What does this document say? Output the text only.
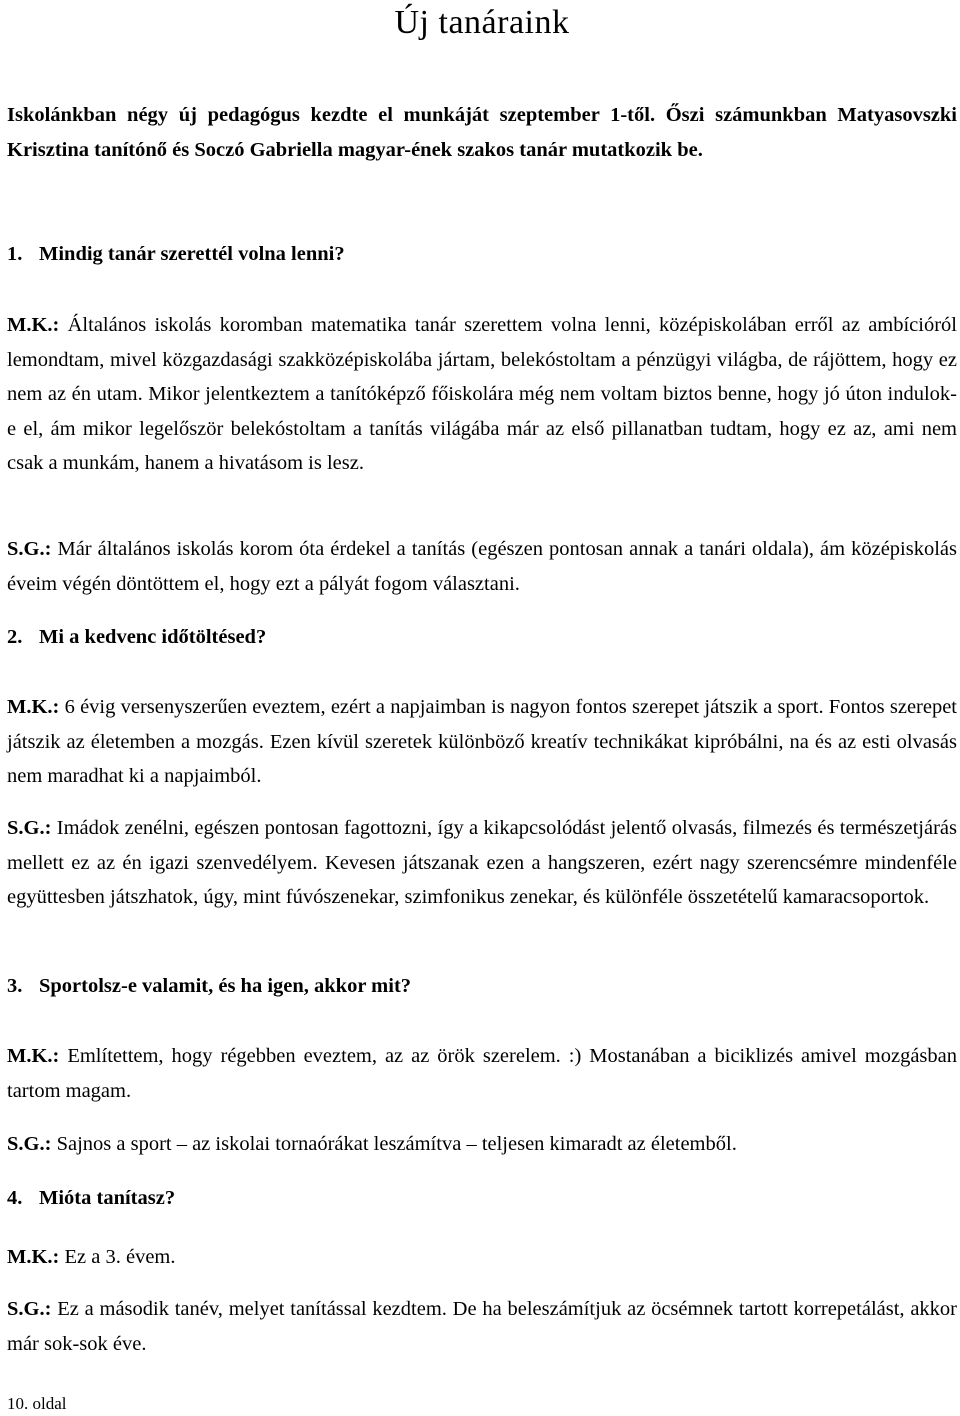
Új tanáraink
Iskolánkban négy új pedagógus kezdte el munkáját szeptember 1-től. Őszi számunkban Matyasovszki Krisztina tanítónő és Soczó Gabriella magyar-ének szakos tanár mutatkozik be.
1. Mindig tanár szerettél volna lenni?
M.K.: Általános iskolás koromban matematika tanár szerettem volna lenni, középiskolában erről az ambícióról lemondtam, mivel közgazdasági szakközépiskolába jártam, belekóstoltam a pénzügyi világba, de rájöttem, hogy ez nem az én utam. Mikor jelentkeztem a tanítóképző főiskolára még nem voltam biztos benne, hogy jó úton indulok-e el, ám mikor legelőször belekóstoltam a tanítás világába már az első pillanatban tudtam, hogy ez az, ami nem csak a munkám, hanem a hivatásom is lesz.
S.G.: Már általános iskolás korom óta érdekel a tanítás (egészen pontosan annak a tanári oldala), ám középiskolás éveim végén döntöttem el, hogy ezt a pályát fogom választani.
2. Mi a kedvenc időtöltésed?
M.K.: 6 évig versenyszerűen eveztem, ezért a napjaimban is nagyon fontos szerepet játszik a sport. Fontos szerepet játszik az életemben a mozgás. Ezen kívül szeretek különböző kreatív technikákat kipróbálni, na és az esti olvasás nem maradhat ki a napjaimból.
S.G.: Imádok zenélni, egészen pontosan fagottozni, így a kikapcsolódást jelentő olvasás, filmezés és természetjárás mellett ez az én igazi szenvedélyem. Kevesen játszanak ezen a hangszeren, ezért nagy szerencsémre mindenféle együttesben játszhatok, úgy, mint fúvószenekar, szimfonikus zenekar, és különféle összetételű kamaracsoportok.
3. Sportolsz-e valamit, és ha igen, akkor mit?
M.K.: Említettem, hogy régebben eveztem, az az örök szerelem. :) Mostanában a biciklizés amivel mozgásban tartom magam.
S.G.: Sajnos a sport – az iskolai tornaórákat leszámítva – teljesen kimaradt az életemből.
4. Mióta tanítasz?
M.K.: Ez a 3. évem.
S.G.: Ez a második tanév, melyet tanítással kezdtem. De ha beleszámítjuk az öcsémnek tartott korrepetálást, akkor már sok-sok éve.
10. oldal
